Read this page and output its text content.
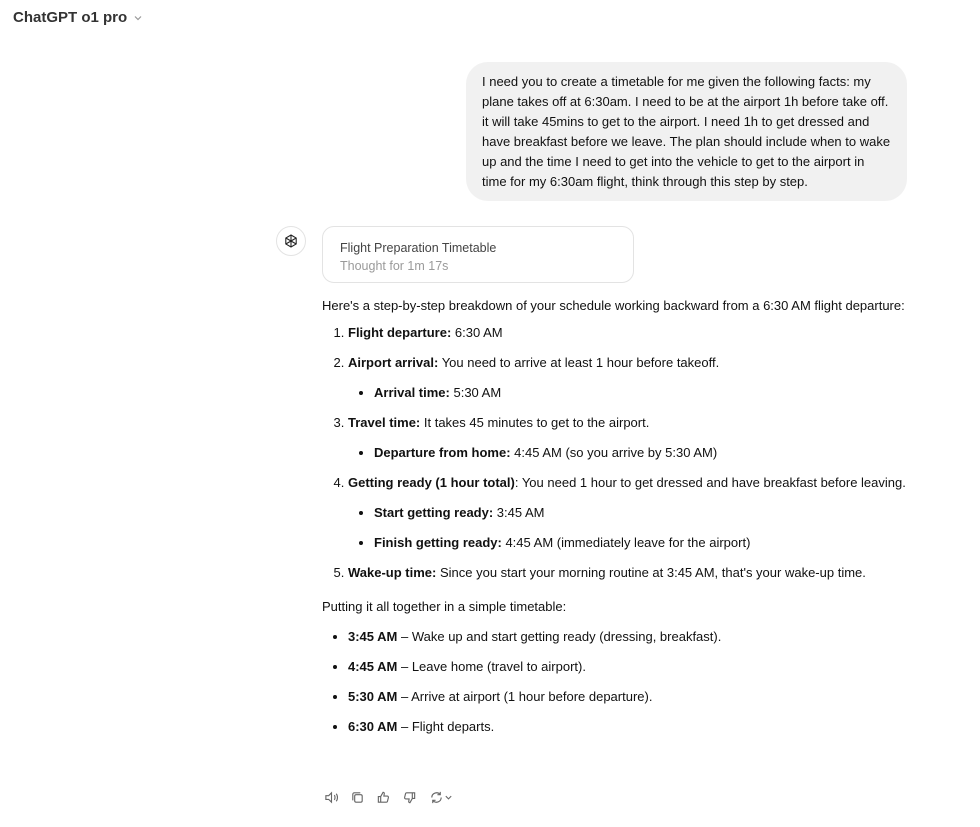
ChatGPT o1 pro
I need you to create a timetable for me given the following facts: my plane takes off at 6:30am. I need to be at the airport 1h before take off. it will take 45mins to get to the airport. I need 1h to get dressed and have breakfast before we leave. The plan should include when to wake up and the time I need to get into the vehicle to get to the airport in time for my 6:30am flight, think through this step by step.
Flight Preparation Timetable
Thought for 1m 17s

Here's a step-by-step breakdown of your schedule working backward from a 6:30 AM flight departure:

1. Flight departure: 6:30 AM
2. Airport arrival: You need to arrive at least 1 hour before takeoff.
• Arrival time: 5:30 AM
3. Travel time: It takes 45 minutes to get to the airport.
• Departure from home: 4:45 AM (so you arrive by 5:30 AM)
4. Getting ready (1 hour total): You need 1 hour to get dressed and have breakfast before leaving.
• Start getting ready: 3:45 AM
• Finish getting ready: 4:45 AM (immediately leave for the airport)
5. Wake-up time: Since you start your morning routine at 3:45 AM, that's your wake-up time.

Putting it all together in a simple timetable:

• 3:45 AM – Wake up and start getting ready (dressing, breakfast).
• 4:45 AM – Leave home (travel to airport).
• 5:30 AM – Arrive at airport (1 hour before departure).
• 6:30 AM – Flight departs.
